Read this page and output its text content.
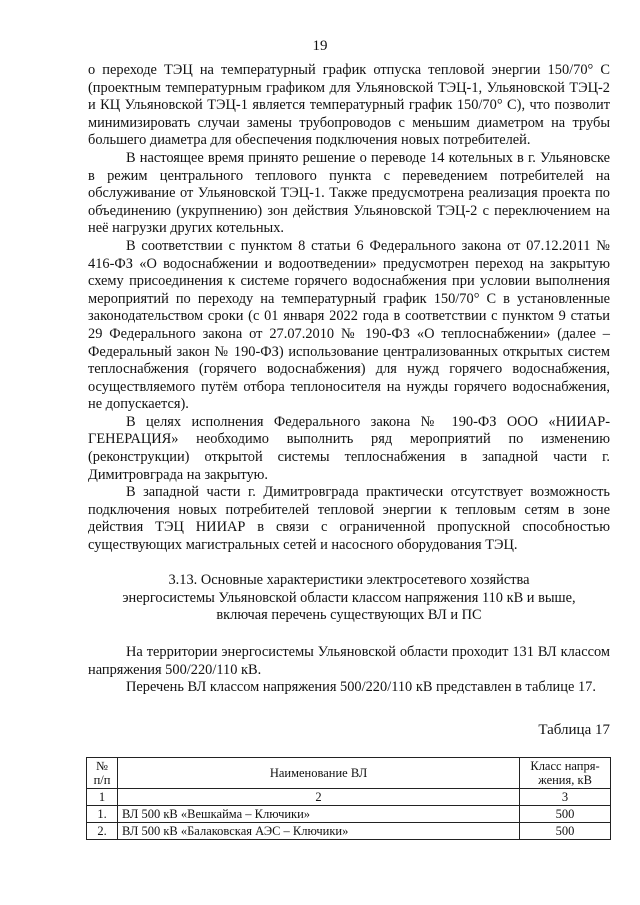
19

о переходе ТЭЦ на температурный график отпуска тепловой энергии 150/70° С (проектным температурным графиком для Ульяновской ТЭЦ-1, Ульяновской ТЭЦ-2 и КЦ Ульяновской ТЭЦ-1 является температурный график 150/70° С), что позволит минимизировать случаи замены трубопроводов с меньшим диаметром на трубы большего диаметра для обеспечения подключения новых потребителей.

В настоящее время принято решение о переводе 14 котельных в г. Ульяновске в режим центрального теплового пункта с переведением потребителей на обслуживание от Ульяновской ТЭЦ-1. Также предусмотрена реализация проекта по объединению (укрупнению) зон действия Ульяновской ТЭЦ-2 с переключением на неё нагрузки других котельных.

В соответствии с пунктом 8 статьи 6 Федерального закона от 07.12.2011 № 416-ФЗ «О водоснабжении и водоотведении» предусмотрен переход на закрытую схему присоединения к системе горячего водоснабжения при условии выполнения мероприятий по переходу на температурный график 150/70° С в установленные законодательством сроки (с 01 января 2022 года в соответствии с пунктом 9 статьи 29 Федерального закона от 27.07.2010 № 190-ФЗ «О теплоснабжении» (далее – Федеральный закон № 190-ФЗ) использование централизованных открытых систем теплоснабжения (горячего водоснабжения) для нужд горячего водоснабжения, осуществляемого путём отбора теплоносителя на нужды горячего водоснабжения, не допускается).

В целях исполнения Федерального закона № 190-ФЗ ООО «НИИАР-ГЕНЕРАЦИЯ» необходимо выполнить ряд мероприятий по изменению (реконструкции) открытой системы теплоснабжения в западной части г. Димитровграда на закрытую.

В западной части г. Димитровграда практически отсутствует возможность подключения новых потребителей тепловой энергии к тепловым сетям в зоне действия ТЭЦ НИИАР в связи с ограниченной пропускной способностью существующих магистральных сетей и насосного оборудования ТЭЦ.

3.13. Основные характеристики электросетевого хозяйства
энергосистемы Ульяновской области классом напряжения 110 кВ и выше,
включая перечень существующих ВЛ и ПС

На территории энергосистемы Ульяновской области проходит 131 ВЛ классом напряжения 500/220/110 кВ.

Перечень ВЛ классом напряжения 500/220/110 кВ представлен в таблице 17.

Таблица 17
№ п/п	Наименование ВЛ	Класс напря-жения, кВ
1	2	3
1.	ВЛ 500 кВ «Вешкайма – Ключики»	500
2.	ВЛ 500 кВ «Балаковская АЭС – Ключики»	500
